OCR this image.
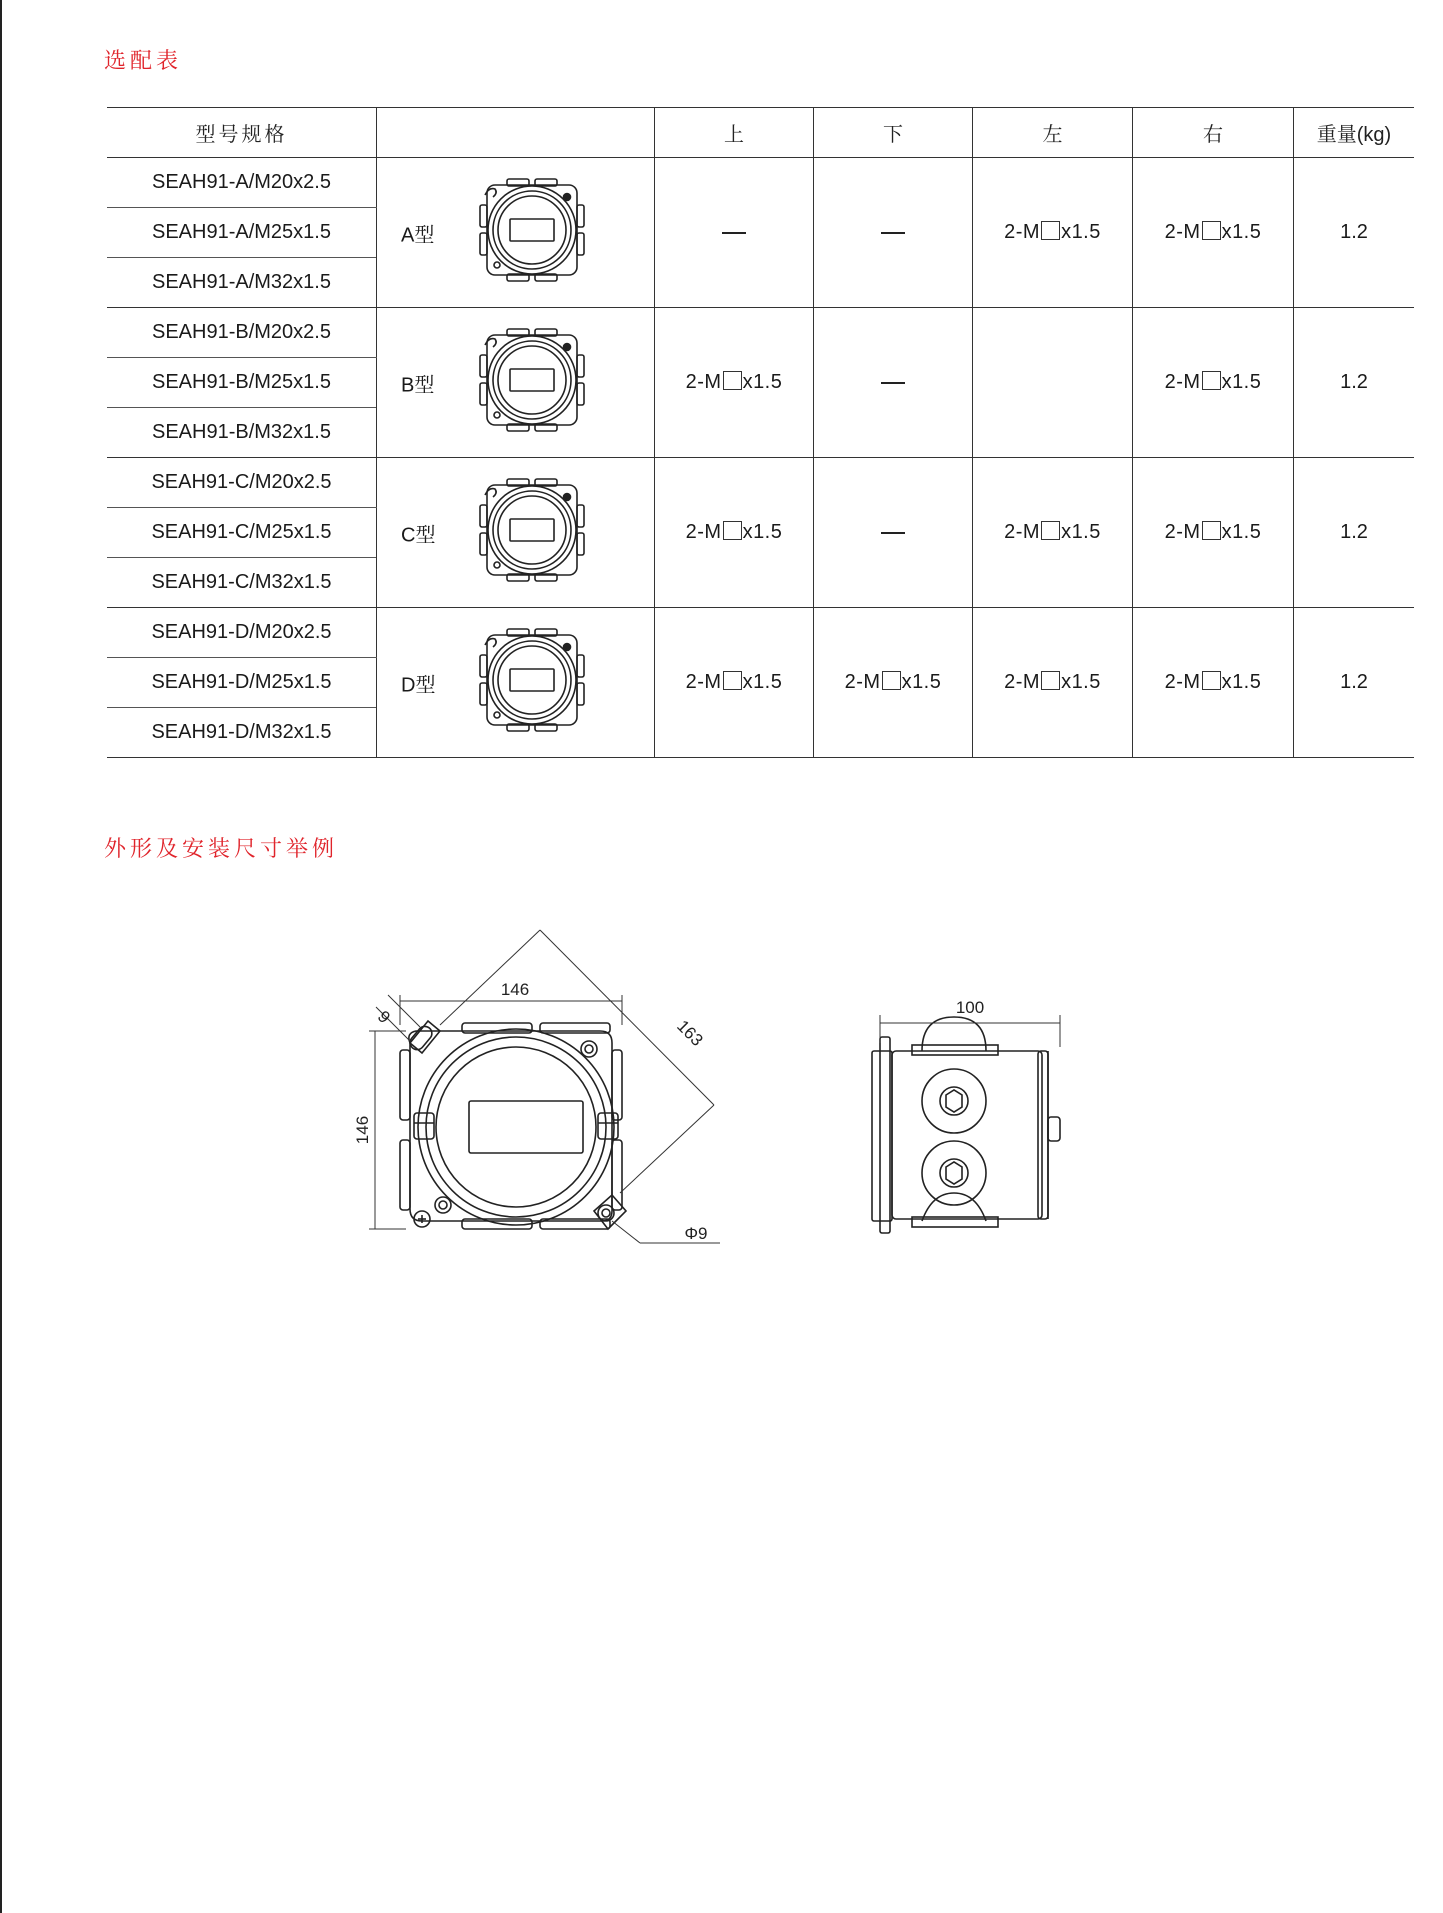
选配表
型号规格		上	下	左	右	重量(kg)
SEAH91-A/M20x2.5	A型			2-M x1.5	2-M x1.5	1.2
SEAH91-A/M25x1.5						
SEAH91-A/M32x1.5						
SEAH91-B/M20x2.5	B型	2-M x1.5			2-M x1.5	1.2
SEAH91-B/M25x1.5						
SEAH91-B/M32x1.5						
SEAH91-C/M20x2.5	C型	2-M x1.5		2-M x1.5	2-M x1.5	1.2
SEAH91-C/M25x1.5						
SEAH91-C/M32x1.5						
SEAH91-D/M20x2.5	D型	2-M x1.5	2-M x1.5	2-M x1.5	2-M x1.5	1.2
SEAH91-D/M25x1.5						
SEAH91-D/M32x1.5						
外形及安装尺寸举例
146
146
163
9
Φ9
100
